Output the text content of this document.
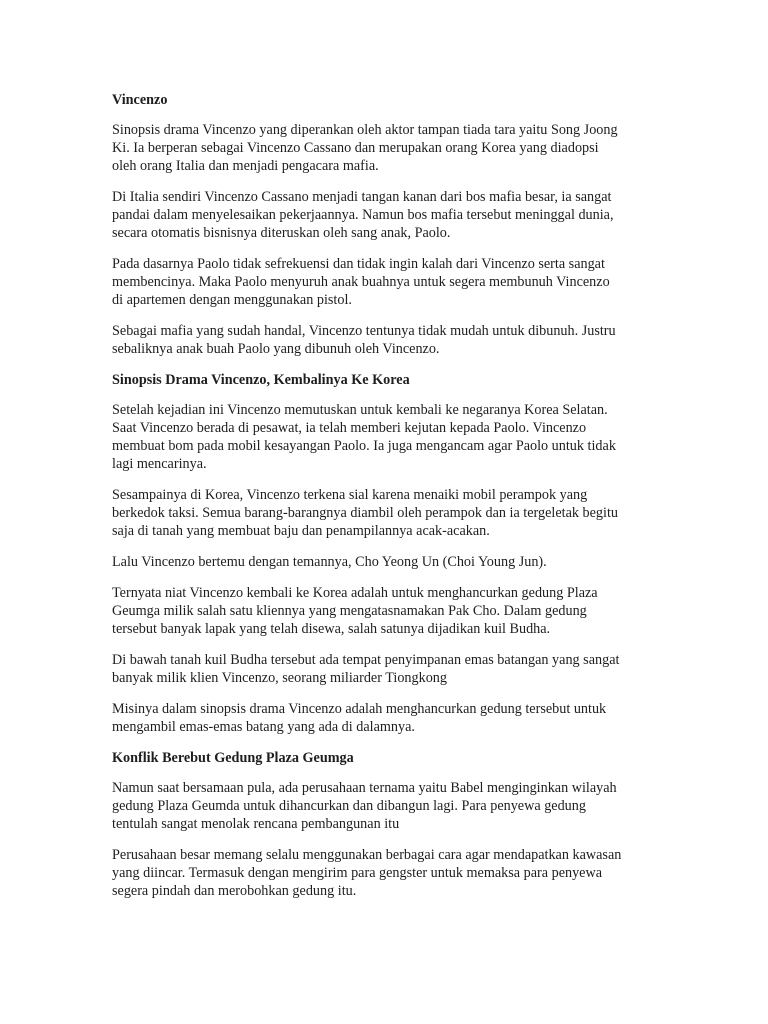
Vincenzo
Sinopsis drama Vincenzo yang diperankan oleh aktor tampan tiada tara yaitu Song Joong
Ki. Ia berperan sebagai Vincenzo Cassano dan merupakan orang Korea yang diadopsi
oleh orang Italia dan menjadi pengacara mafia.
Di Italia sendiri Vincenzo Cassano menjadi tangan kanan dari bos mafia besar, ia sangat
pandai dalam menyelesaikan pekerjaannya. Namun bos mafia tersebut meninggal dunia,
secara otomatis bisnisnya diteruskan oleh sang anak, Paolo.
Pada dasarnya Paolo tidak sefrekuensi dan tidak ingin kalah dari Vincenzo serta sangat
membencinya. Maka Paolo menyuruh anak buahnya untuk segera membunuh Vincenzo
di apartemen dengan menggunakan pistol.
Sebagai mafia yang sudah handal, Vincenzo tentunya tidak mudah untuk dibunuh. Justru
sebaliknya anak buah Paolo yang dibunuh oleh Vincenzo.
Sinopsis Drama Vincenzo, Kembalinya Ke Korea
Setelah kejadian ini Vincenzo memutuskan untuk kembali ke negaranya Korea Selatan.
Saat Vincenzo berada di pesawat, ia telah memberi kejutan kepada Paolo. Vincenzo
membuat bom pada mobil kesayangan Paolo. Ia juga mengancam agar Paolo untuk tidak
lagi mencarinya.
Sesampainya di Korea, Vincenzo terkena sial karena menaiki mobil perampok yang
berkedok taksi. Semua barang-barangnya diambil oleh perampok dan ia tergeletak begitu
saja di tanah yang membuat baju dan penampilannya acak-acakan.
Lalu Vincenzo bertemu dengan temannya, Cho Yeong Un (Choi Young Jun).
Ternyata niat Vincenzo kembali ke Korea adalah untuk menghancurkan gedung Plaza
Geumga milik salah satu kliennya yang mengatasnamakan Pak Cho. Dalam gedung
tersebut banyak lapak yang telah disewa, salah satunya dijadikan kuil Budha.
Di bawah tanah kuil Budha tersebut ada tempat penyimpanan emas batangan yang sangat
banyak milik klien Vincenzo, seorang miliarder Tiongkong
Misinya dalam sinopsis drama Vincenzo adalah menghancurkan gedung tersebut untuk
mengambil emas-emas batang yang ada di dalamnya.
Konflik Berebut Gedung Plaza Geumga
Namun saat bersamaan pula, ada perusahaan ternama yaitu Babel menginginkan wilayah
gedung Plaza Geumda untuk dihancurkan dan dibangun lagi. Para penyewa gedung
tentulah sangat menolak rencana pembangunan itu
Perusahaan besar memang selalu menggunakan berbagai cara agar mendapatkan kawasan
yang diincar. Termasuk dengan mengirim para gengster untuk memaksa para penyewa
segera pindah dan merobohkan gedung itu.
